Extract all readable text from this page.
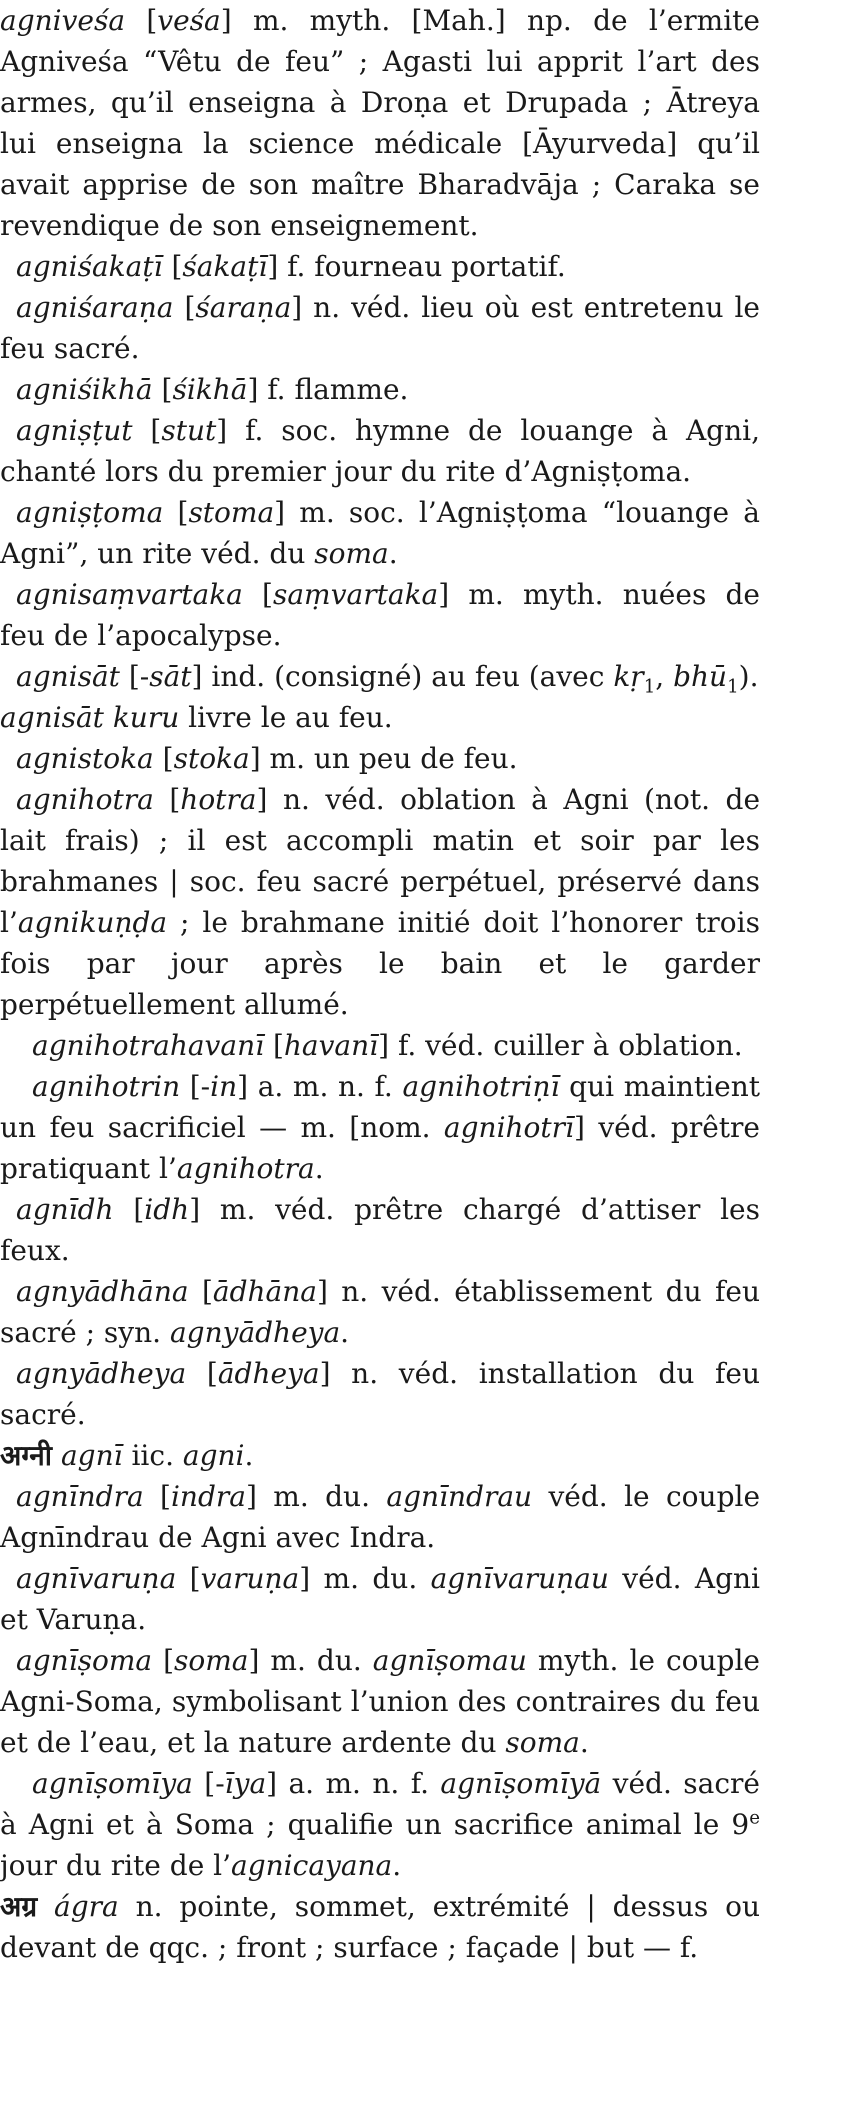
agniveśa [veśa] m. myth. [Mah.] np. de l’ermite Agniveśa “Vêtu de feu” ; Agasti lui apprit l’art des armes, qu’il enseigna à Droṇa et Drupada ; Ātreya lui enseigna la science médicale [Āyurveda] qu’il avait apprise de son maître Bharadvāja ; Caraka se revendique de son enseignement.

agniśakaṭī [śakaṭī] f. fourneau portatif.

agniśaraṇa [śaraṇa] n. véd. lieu où est entretenu le feu sacré.

agniśikhā [śikhā] f. flamme.

agniṣṭut [stut] f. soc. hymne de louange à Agni, chanté lors du premier jour du rite d’Agniṣṭoma.

agniṣṭoma [stoma] m. soc. l’Agniṣṭoma “louange à Agni”, un rite véd. du soma.

agnisaṃvartaka [saṃvartaka] m. myth. nuées de feu de l’apocalypse.

agnisāt [-sāt] ind. (consigné) au feu (avec kṛ$_1$, bhū$_1$).

agnisāt kuru livre le au feu.

agnistoka [stoka] m. un peu de feu.

agnihotra [hotra] n. véd. oblation à Agni (not. de lait frais) ; il est accompli matin et soir par les brahmanes | soc. feu sacré perpétuel, préservé dans l’agnikuṇḍa ; le brahmane initié doit l’honorer trois fois par jour après le bain et le garder perpétuellement allumé.

agnihotrahavanī [havanī] f. véd. cuiller à oblation.

agnihotrin [-in] a. m. n. f. agnihotriṇī qui maintient un feu sacrificiel — m. [nom. agnihotrī] véd. prêtre pratiquant l’agnihotra.

agnīdh [idh] m. véd. prêtre chargé d’attiser les feux.

agnyādhāna [ādhāna] n. véd. établissement du feu sacré ; syn. agnyādheya.

agnyādheya [ādheya] n. véd. installation du feu sacré.

अग्नी agnī iic. agni.

agnīndra [indra] m. du. agnīndrau véd. le couple Agnīndrau de Agni avec Indra.

agnīvaruṇa [varuṇa] m. du. agnīvaruṇau véd. Agni et Varuṇa.

agnīṣoma [soma] m. du. agnīṣomau myth. le couple Agni-Soma, symbolisant l’union des contraires du feu et de l’eau, et la nature ardente du soma.

agnīṣomīya [-īya] a. m. n. f. agnīṣomīyā véd. sacré à Agni et à Soma ; qualifie un sacrifice animal le 9e jour du rite de l’agnicayana.

अग्र ágra n. pointe, sommet, extrémité | dessus ou devant de qqc. ; front ; surface ; façade | but — f.
